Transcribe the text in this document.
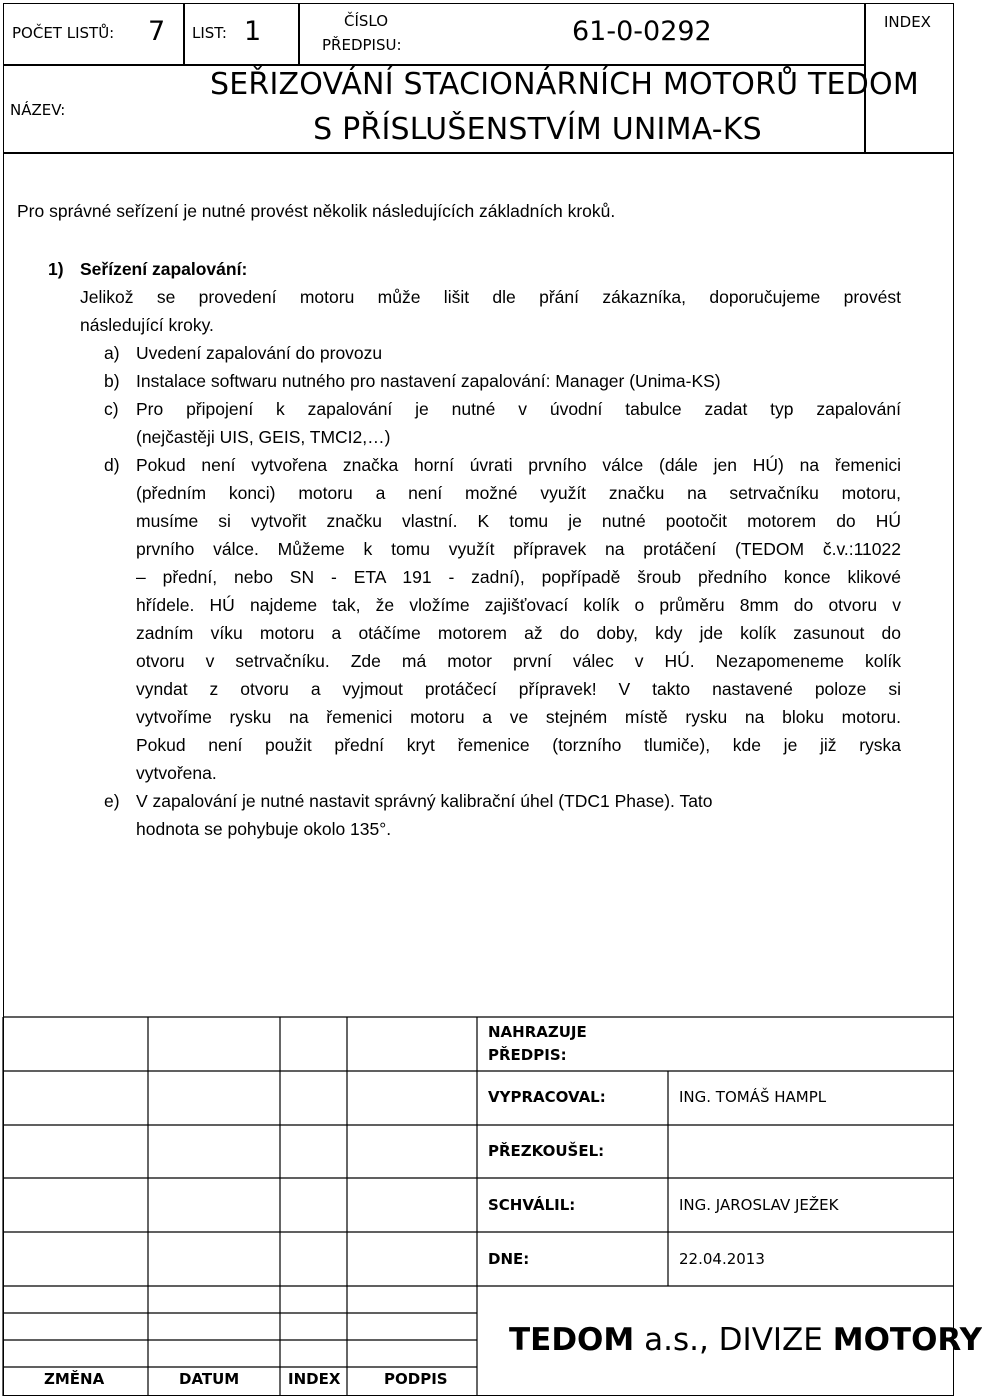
POČET LISTŮ: 7 LIST: 1	ČÍSLO
PŘEDPISU:	61-0-0292	INDEX
NÁZEV:
SEŘIZOVÁNÍ STACIONÁRNÍCH MOTORŮ TEDOM
S PŘÍSLUŠENSTVÍM UNIMA-KS
Pro správné seřízení je nutné provést několik následujících základních kroků.
1) Seřízení zapalování:
Jelikož se provedení motoru může lišit dle přání zákazníka, doporučujeme provést
následující kroky.
a) Uvedení zapalování do provozu
b) Instalace softwaru nutného pro nastavení zapalování: Manager (Unima-KS)
c) Pro připojení k zapalování je nutné v úvodní tabulce zadat typ zapalování
(nejčastěji UIS, GEIS, TMCI2,…)
d) Pokud není vytvořena značka horní úvrati prvního válce (dále jen HÚ) na řemenici
(předním konci) motoru a není možné využít značku na setrvačníku motoru,
musíme si vytvořit značku vlastní. K tomu je nutné pootočit motorem do HÚ
prvního válce. Můžeme k tomu využít přípravek na protáčení (TEDOM č.v.:11022
– přední, nebo SN - ETA 191 - zadní), popřípadě šroub předního konce klikové
hřídele. HÚ najdeme tak, že vložíme zajišťovací kolík o průměru 8mm do otvoru v
zadním víku motoru a otáčíme motorem až do doby, kdy jde kolík zasunout do
otvoru v setrvačníku. Zde má motor první válec v HÚ. Nezapomeneme kolík
vyndat z otvoru a vyjmout protáčecí přípravek! V takto nastavené poloze si
vytvoříme rysku na řemenici motoru a ve stejném místě rysku na bloku motoru.
Pokud není použit přední kryt řemenice (torzního tlumiče), kde je již ryska
vytvořena.
e) V zapalování je nutné nastavit správný kalibrační úhel (TDC1 Phase). Tato
hodnota se pohybuje okolo 135°.
NAHRAZUJE
PŘEDPIS:
VYPRACOVAL:	ING. TOMÁŠ HAMPL
PŘEZKOUŠEL:
SCHVÁLIL:	ING. JAROSLAV JEŽEK
DNE:	22.04.2013
TEDOM a.s., DIVIZE MOTORY
ZMĚNA	DATUM	INDEX	PODPIS
